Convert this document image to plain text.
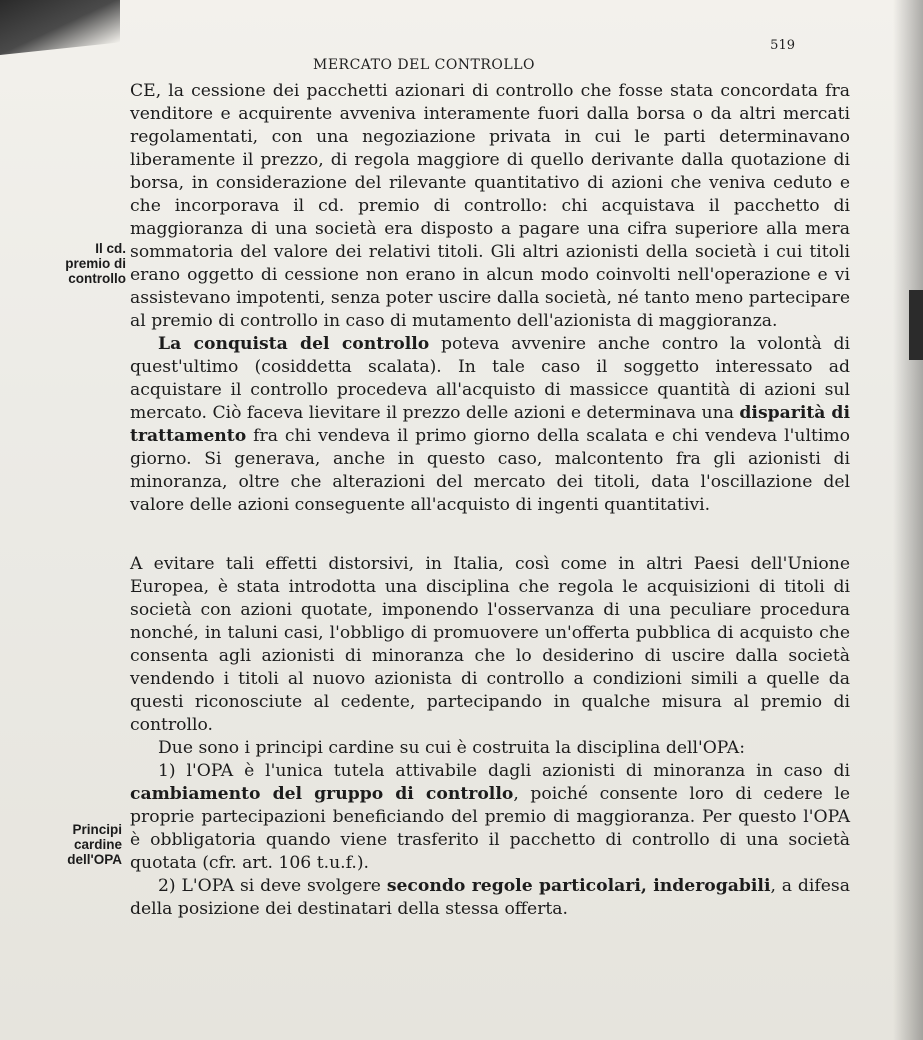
519
MERCATO DEL CONTROLLO
Il cd.
premio di
controllo
Principi
cardine
dell'OPA

CE, la cessione dei pacchetti azionari di controllo che fosse stata concordata fra venditore e acquirente avveniva interamente fuori dalla borsa o da altri mercati regolamentati, con una negoziazione privata in cui le parti determinavano liberamente il prezzo, di regola maggiore di quello derivante dalla quotazione di borsa, in considerazione del rilevante quantitativo di azioni che veniva ceduto e che incorporava il cd. premio di controllo: chi acquistava il pacchetto di maggioranza di una società era disposto a pagare una cifra superiore alla mera sommatoria del valore dei relativi titoli. Gli altri azionisti della società i cui titoli erano oggetto di cessione non erano in alcun modo coinvolti nell'operazione e vi assistevano impotenti, senza poter uscire dalla società, né tanto meno partecipare al premio di controllo in caso di mutamento dell'azionista di maggioranza.

La conquista del controllo poteva avvenire anche contro la volontà di quest'ultimo (cosiddetta scalata). In tale caso il soggetto interessato ad acquistare il controllo procedeva all'acquisto di massicce quantità di azioni sul mercato. Ciò faceva lievitare il prezzo delle azioni e determinava una disparità di trattamento fra chi vendeva il primo giorno della scalata e chi vendeva l'ultimo giorno. Si generava, anche in questo caso, malcontento fra gli azionisti di minoranza, oltre che alterazioni del mercato dei titoli, data l'oscillazione del valore delle azioni conseguente all'acquisto di ingenti quantitativi.

A evitare tali effetti distorsivi, in Italia, così come in altri Paesi dell'Unione Europea, è stata introdotta una disciplina che regola le acquisizioni di titoli di società con azioni quotate, imponendo l'osservanza di una peculiare procedura nonché, in taluni casi, l'obbligo di promuovere un'offerta pubblica di acquisto che consenta agli azionisti di minoranza che lo desiderino di uscire dalla società vendendo i titoli al nuovo azionista di controllo a condizioni simili a quelle da questi riconosciute al cedente, partecipando in qualche misura al premio di controllo.

Due sono i principi cardine su cui è costruita la disciplina dell'OPA:

1) l'OPA è l'unica tutela attivabile dagli azionisti di minoranza in caso di cambiamento del gruppo di controllo, poiché consente loro di cedere le proprie partecipazioni beneficiando del premio di maggioranza. Per questo l'OPA è obbligatoria quando viene trasferito il pacchetto di controllo di una società quotata (cfr. art. 106 t.u.f.).

2) L'OPA si deve svolgere secondo regole particolari, inderogabili, a difesa della posizione dei destinatari della stessa offerta.
